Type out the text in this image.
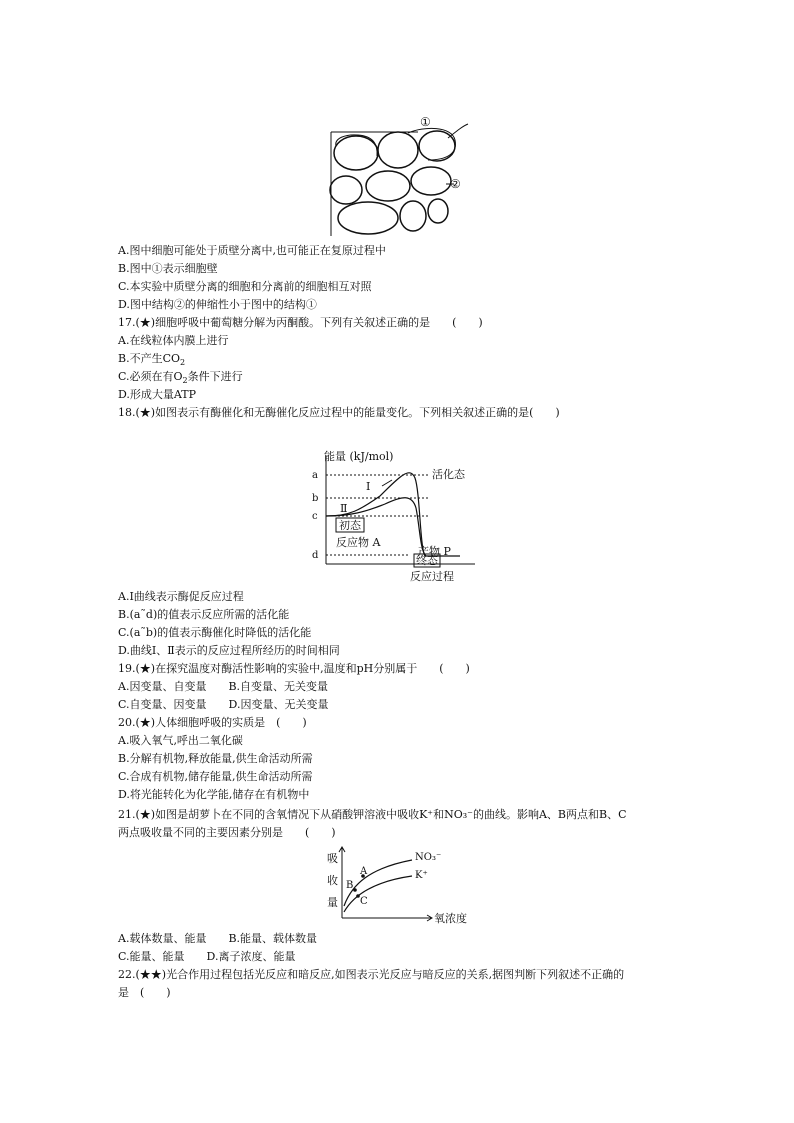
①
②
A.图中细胞可能处于质壁分离中,也可能正在复原过程中
B.图中①表示细胞壁
C.本实验中质壁分离的细胞和分离前的细胞相互对照
D.图中结构②的伸缩性小于图中的结构①
17.(★)细胞呼吸中葡萄糖分解为丙酮酸。下列有关叙述正确的是　　(　　)
A.在线粒体内膜上进行
B.不产生$CO_2$
C.必须在有$O_2$条件下进行
D.形成大量ATP
18.(★)如图表示有酶催化和无酶催化反应过程中的能量变化。下列相关叙述正确的是(　　)
能量 (kJ/mol)
a
b
c
d
Ⅰ
Ⅱ
活化态
初态
反应物 A
产物 P
终态
反应过程
A.Ⅰ曲线表示酶促反应过程
B.(a˜d)的值表示反应所需的活化能
C.(a˜b)的值表示酶催化时降低的活化能
D.曲线Ⅰ、Ⅱ表示的反应过程所经历的时间相同
19.(★)在探究温度对酶活性影响的实验中,温度和pH分别属于　　(　　)
A.因变量、自变量　　B.自变量、无关变量
C.自变量、因变量　　D.因变量、无关变量
20.(★)人体细胞呼吸的实质是　(　　)
A.吸入氧气,呼出二氧化碳
B.分解有机物,释放能量,供生命活动所需
C.合成有机物,储存能量,供生命活动所需
D.将光能转化为化学能,储存在有机物中
21.(★)如图是胡萝卜在不同的含氧情况下从硝酸钾溶液中吸收K⁺和NO₃⁻的曲线。影响A、B两点和B、C
两点吸收量不同的主要因素分别是　　(　　)
吸
收
量
NO₃⁻
K⁺
A
B
C
氧浓度
A.载体数量、能量　　B.能量、载体数量
C.能量、能量　　D.离子浓度、能量
22.(★★)光合作用过程包括光反应和暗反应,如图表示光反应与暗反应的关系,据图判断下列叙述不正确的
是　(　　)
